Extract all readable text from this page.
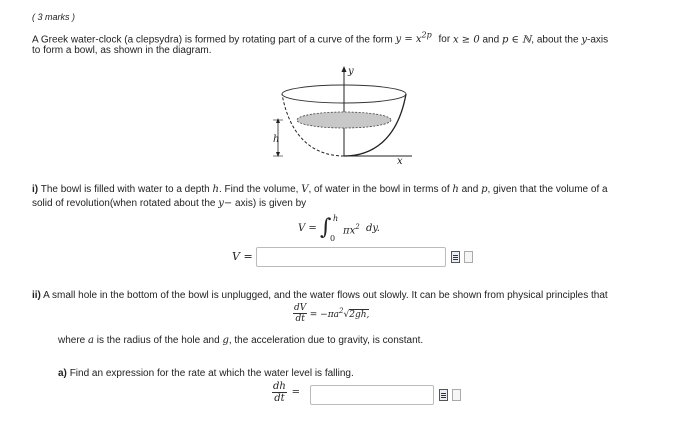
( 3 marks )
A Greek water-clock (a clepsydra) is formed by rotating part of a curve of the form $y = x^{2p}$ for x ≥ 0 and p ∈ ℕ, about the y-axis
to form a bowl, as shown in the diagram.
y
x
h
i) The bowl is filled with water to a depth h. Find the volume, V, of water in the bowl in terms of h and p, given that the volume of a
solid of revolution(when rotated about the y− axis) is given by
V = ∫ h
0
$\pi x^2$ dy.
V =
ii) A small hole in the bottom of the bowl is unplugged, and the water flows out slowly. It can be shown from physical principles that
$\frac{dV}{dt} = -\pi a^2√2gh$,
where a is the radius of the hole and g, the acceleration due to gravity, is constant.
a) Find an expression for the rate at which the water level is falling.
$\frac{dh}{dt}$ =
